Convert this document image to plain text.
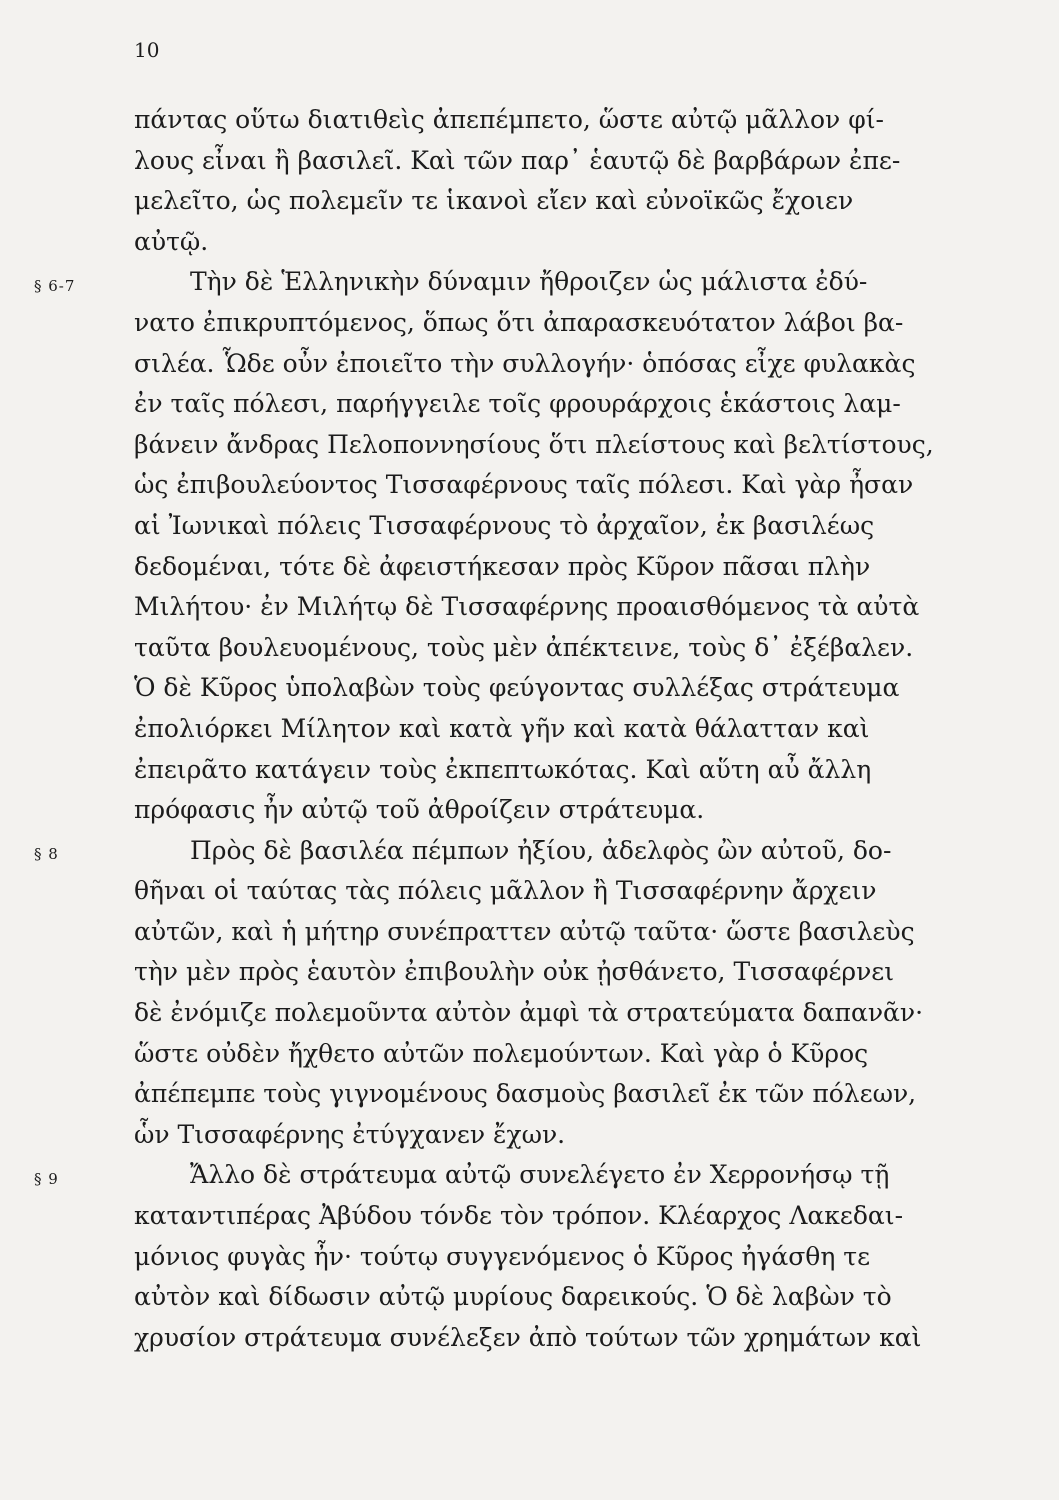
10
§ 6-7
§ 8
§ 9
πάντας οὕτω διατιθεὶς ἀπεπέμπετο, ὥστε αὐτῷ μᾶλλον φί-
λους εἶναι ἢ βασιλεῖ. Καὶ τῶν παρ᾽ ἑαυτῷ δὲ βαρβάρων ἐπε-
μελεῖτο, ὡς πολεμεῖν τε ἱκανοὶ εἴεν καὶ εὐνοϊκῶς ἔχοιεν
αὐτῷ.
Τὴν δὲ Ἑλληνικὴν δύναμιν ἤθροιζεν ὡς μάλιστα ἐδύ-
νατο ἐπικρυπτόμενος, ὅπως ὅτι ἀπαρασκευότατον λάβοι βα-
σιλέα. Ὧδε οὖν ἐποιεῖτο τὴν συλλογήν· ὁπόσας εἶχε φυλακὰς
ἐν ταῖς πόλεσι, παρήγγειλε τοῖς φρουράρχοις ἑκάστοις λαμ-
βάνειν ἄνδρας Πελοποννησίους ὅτι πλείστους καὶ βελτίστους,
ὡς ἐπιβουλεύοντος Τισσαφέρνους ταῖς πόλεσι. Καὶ γὰρ ἦσαν
αἱ Ἰωνικαὶ πόλεις Τισσαφέρνους τὸ ἀρχαῖον, ἐκ βασιλέως
δεδομέναι, τότε δὲ ἀφειστήκεσαν πρὸς Κῦρον πᾶσαι πλὴν
Μιλήτου· ἐν Μιλήτῳ δὲ Τισσαφέρνης προαισθόμενος τὰ αὐτὰ
ταῦτα βουλευομένους, τοὺς μὲν ἀπέκτεινε, τοὺς δ᾽ ἐξέβαλεν.
Ὁ δὲ Κῦρος ὑπολαβὼν τοὺς φεύγοντας συλλέξας στράτευμα
ἐπολιόρκει Μίλητον καὶ κατὰ γῆν καὶ κατὰ θάλατταν καὶ
ἐπειρᾶτο κατάγειν τοὺς ἐκπεπτωκότας. Καὶ αὕτη αὖ ἄλλη
πρόφασις ἦν αὐτῷ τοῦ ἀθροίζειν στράτευμα.
Πρὸς δὲ βασιλέα πέμπων ἠξίου, ἀδελφὸς ὢν αὐτοῦ, δο-
θῆναι οἱ ταύτας τὰς πόλεις μᾶλλον ἢ Τισσαφέρνην ἄρχειν
αὐτῶν, καὶ ἡ μήτηρ συνέπραττεν αὐτῷ ταῦτα· ὥστε βασιλεὺς
τὴν μὲν πρὸς ἑαυτὸν ἐπιβουλὴν οὐκ ᾐσθάνετο, Τισσαφέρνει
δὲ ἐνόμιζε πολεμοῦντα αὐτὸν ἀμφὶ τὰ στρατεύματα δαπανᾶν·
ὥστε οὐδὲν ἤχθετο αὐτῶν πολεμούντων. Καὶ γὰρ ὁ Κῦρος
ἀπέπεμπε τοὺς γιγνομένους δασμοὺς βασιλεῖ ἐκ τῶν πόλεων,
ὧν Τισσαφέρνης ἐτύγχανεν ἔχων.
Ἄλλο δὲ στράτευμα αὐτῷ συνελέγετο ἐν Χερρονήσῳ τῇ
καταντιπέρας Ἀβύδου τόνδε τὸν τρόπον. Κλέαρχος Λακεδαι-
μόνιος φυγὰς ἦν· τούτῳ συγγενόμενος ὁ Κῦρος ἠγάσθη τε
αὐτὸν καὶ δίδωσιν αὐτῷ μυρίους δαρεικούς. Ὁ δὲ λαβὼν τὸ
χρυσίον στράτευμα συνέλεξεν ἀπὸ τούτων τῶν χρημάτων καὶ
